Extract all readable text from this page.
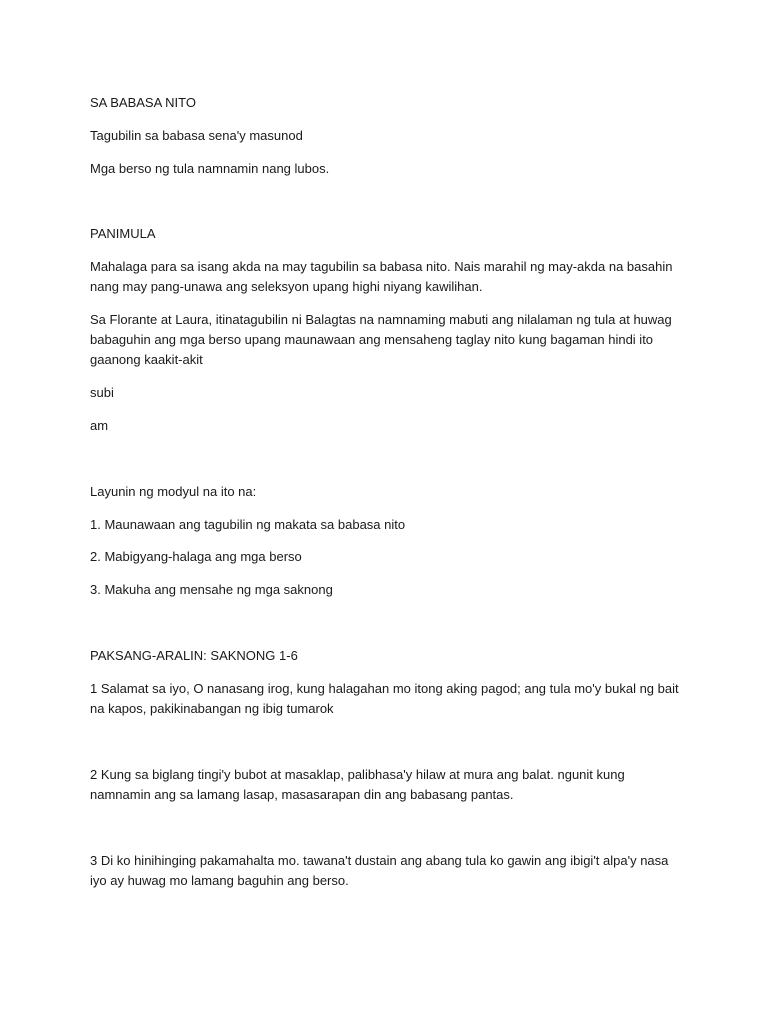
SA BABASA NITO

Tagubilin sa babasa sena'y masunod

Mga berso ng tula namnamin nang lubos.

PANIMULA

Mahalaga para sa isang akda na may tagubilin sa babasa nito. Nais marahil ng may-akda na basahin nang may pang-unawa ang seleksyon upang highi niyang kawilihan.

Sa Florante at Laura, itinatagubilin ni Balagtas na namnaming mabuti ang nilalaman ng tula at huwag babaguhin ang mga berso upang maunawaan ang mensaheng taglay nito kung bagaman hindi ito gaanong kaakit-akit

subi

am

Layunin ng modyul na ito na:

1. Maunawaan ang tagubilin ng makata sa babasa nito

2. Mabigyang-halaga ang mga berso

3. Makuha ang mensahe ng mga saknong

PAKSANG-ARALIN: SAKNONG 1-6

1 Salamat sa iyo, O nanasang irog, kung halagahan mo itong aking pagod; ang tula mo'y bukal ng bait na kapos, pakikinabangan ng ibig tumarok

2 Kung sa biglang tingi'y bubot at masaklap, palibhasa'y hilaw at mura ang balat. ngunit kung namnamin ang sa lamang lasap, masasarapan din ang babasang pantas.

3 Di ko hinihinging pakamahalta mo. tawana't dustain ang abang tula ko gawin ang ibigi't alpa'y nasa iyo ay huwag mo lamang baguhin ang berso.
